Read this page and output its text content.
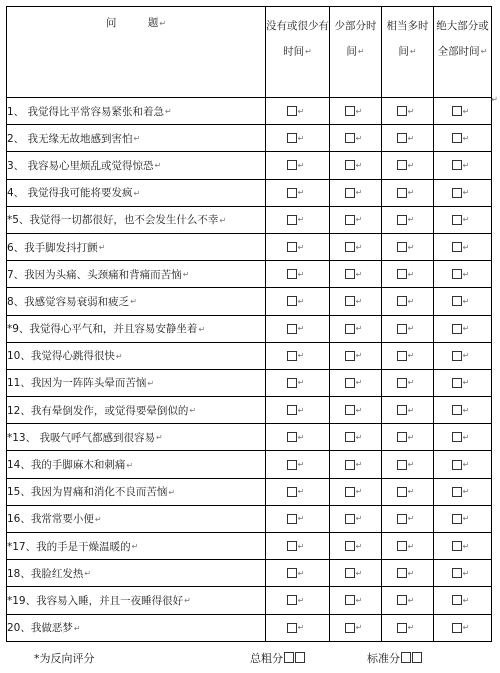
问　　　题↵	没有或很少有时间↵	少部分时间↵	相当多时间↵	绝大部分或全部时间↵
1、 我觉得比平常容易紧张和着急↵	↵	↵	↵	↵
2、 我无缘无故地感到害怕↵	↵	↵	↵	↵
3、 我容易心里烦乱或觉得惊恐↵	↵	↵	↵	↵
4、 我觉得我可能将要发疯↵	↵	↵	↵	↵
*5、我觉得一切都很好，也不会发生什么不幸↵	↵	↵	↵	↵
6、我手脚发抖打颤↵	↵	↵	↵	↵
7、我因为头痛、头颈痛和背痛而苦恼↵	↵	↵	↵	↵
8、我感觉容易衰弱和疲乏↵	↵	↵	↵	↵
*9、我觉得心平气和，并且容易安静坐着↵	↵	↵	↵	↵
10、我觉得心跳得很快↵	↵	↵	↵	↵
11、我因为一阵阵头晕而苦恼↵	↵	↵	↵	↵
12、我有晕倒发作，或觉得要晕倒似的↵	↵	↵	↵	↵
*13、 我吸气呼气都感到很容易↵	↵	↵	↵	↵
14、我的手脚麻木和刺痛↵	↵	↵	↵	↵
15、我因为胃痛和消化不良而苦恼↵	↵	↵	↵	↵
16、我常常要小便↵	↵	↵	↵	↵
*17、我的手是干燥温暖的↵	↵	↵	↵	↵
18、我脸红发热↵	↵	↵	↵	↵
*19、我容易入睡，并且一夜睡得很好↵	↵	↵	↵	↵
20、我做恶梦↵	↵	↵	↵	↵
↵
*为反向评分	总粗分	标准分
